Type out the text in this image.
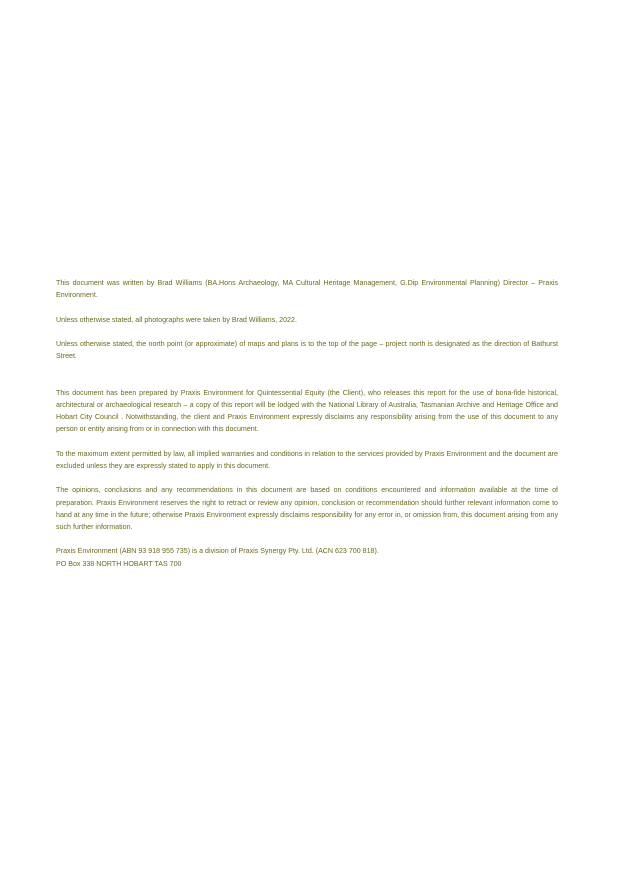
This document was written by Brad Williams (BA.Hons Archaeology, MA Cultural Heritage Management, G.Dip Environmental Planning) Director – Praxis Environment.

Unless otherwise stated, all photographs were taken by Brad Williams, 2022.

Unless otherwise stated, the north point (or approximate) of maps and plans is to the top of the page – project north is designated as the direction of Bathurst Street.

This document has been prepared by Praxis Environment for Quintessential Equity (the Client), who releases this report for the use of bona-fide historical, architectural or archaeological research – a copy of this report will be lodged with the National Library of Australia, Tasmanian Archive and Heritage Office and Hobart City Council . Notwithstanding, the client and Praxis Environment expressly disclaims any responsibility arising from the use of this document to any person or entity arising from or in connection with this document.

To the maximum extent permitted by law, all implied warranties and conditions in relation to the services provided by Praxis Environment and the document are excluded unless they are expressly stated to apply in this document.

The opinions, conclusions and any recommendations in this document are based on conditions encountered and information available at the time of preparation. Praxis Environment reserves the right to retract or review any opinion, conclusion or recommendation should further relevant information come to hand at any time in the future; otherwise Praxis Environment expressly disclaims responsibility for any error in, or omission from, this document arising from any such further information.

Praxis Environment (ABN 93 918 955 735) is a division of Praxis Synergy Pty. Ltd. (ACN 623 700 818).

PO Box 338 NORTH HOBART TAS 700
